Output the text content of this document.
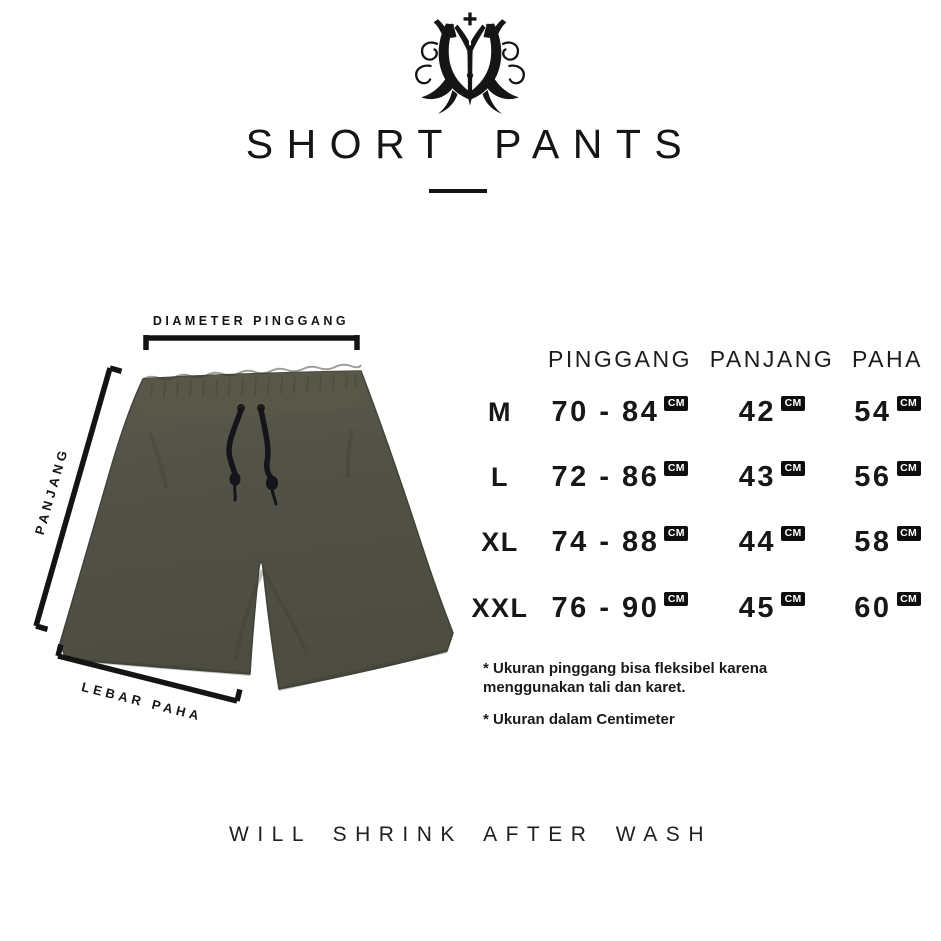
SHORT PANTS
DIAMETER PINGGANG
PANJANG
LEBAR PAHA
PINGGANG PANJANG PAHA
M	70 - 84 CM 42 CM 54 CM
L	72 - 86 CM 43 CM 56 CM
XL	74 - 88 CM 44 CM 58 CM
XXL 76 - 90 CM 45 CM 60 CM

* Ukuran pinggang bisa fleksibel karena
menggunakan tali dan karet.

* Ukuran dalam Centimeter

WILL SHRINK AFTER WASH
